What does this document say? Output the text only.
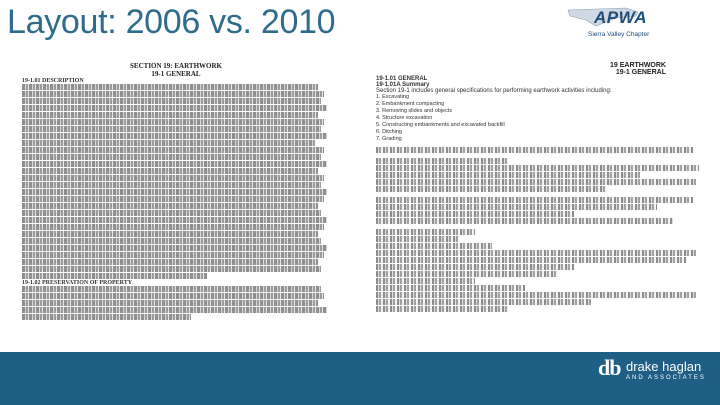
Layout: 2006 vs. 2010	APWA
Sierra Valley Chapter
SECTION 19: EARTHWORK
19-1 GENERAL
19-1.01 DESCRIPTION
19-1.02 PRESERVATION OF PROPERTY
19 EARTHWORK
19-1 GENERAL
19-1.01 GENERAL
19-1.01A Summary
Section 19-1 includes general specifications for performing earthwork activities including:
1. Excavating
2. Embankment compacting
3. Removing slides and objects
4. Structure excavation
5. Constructing embankments and excavated backfill
6. Ditching
7. Grading
db drake haglan
AND ASSOCIATES
